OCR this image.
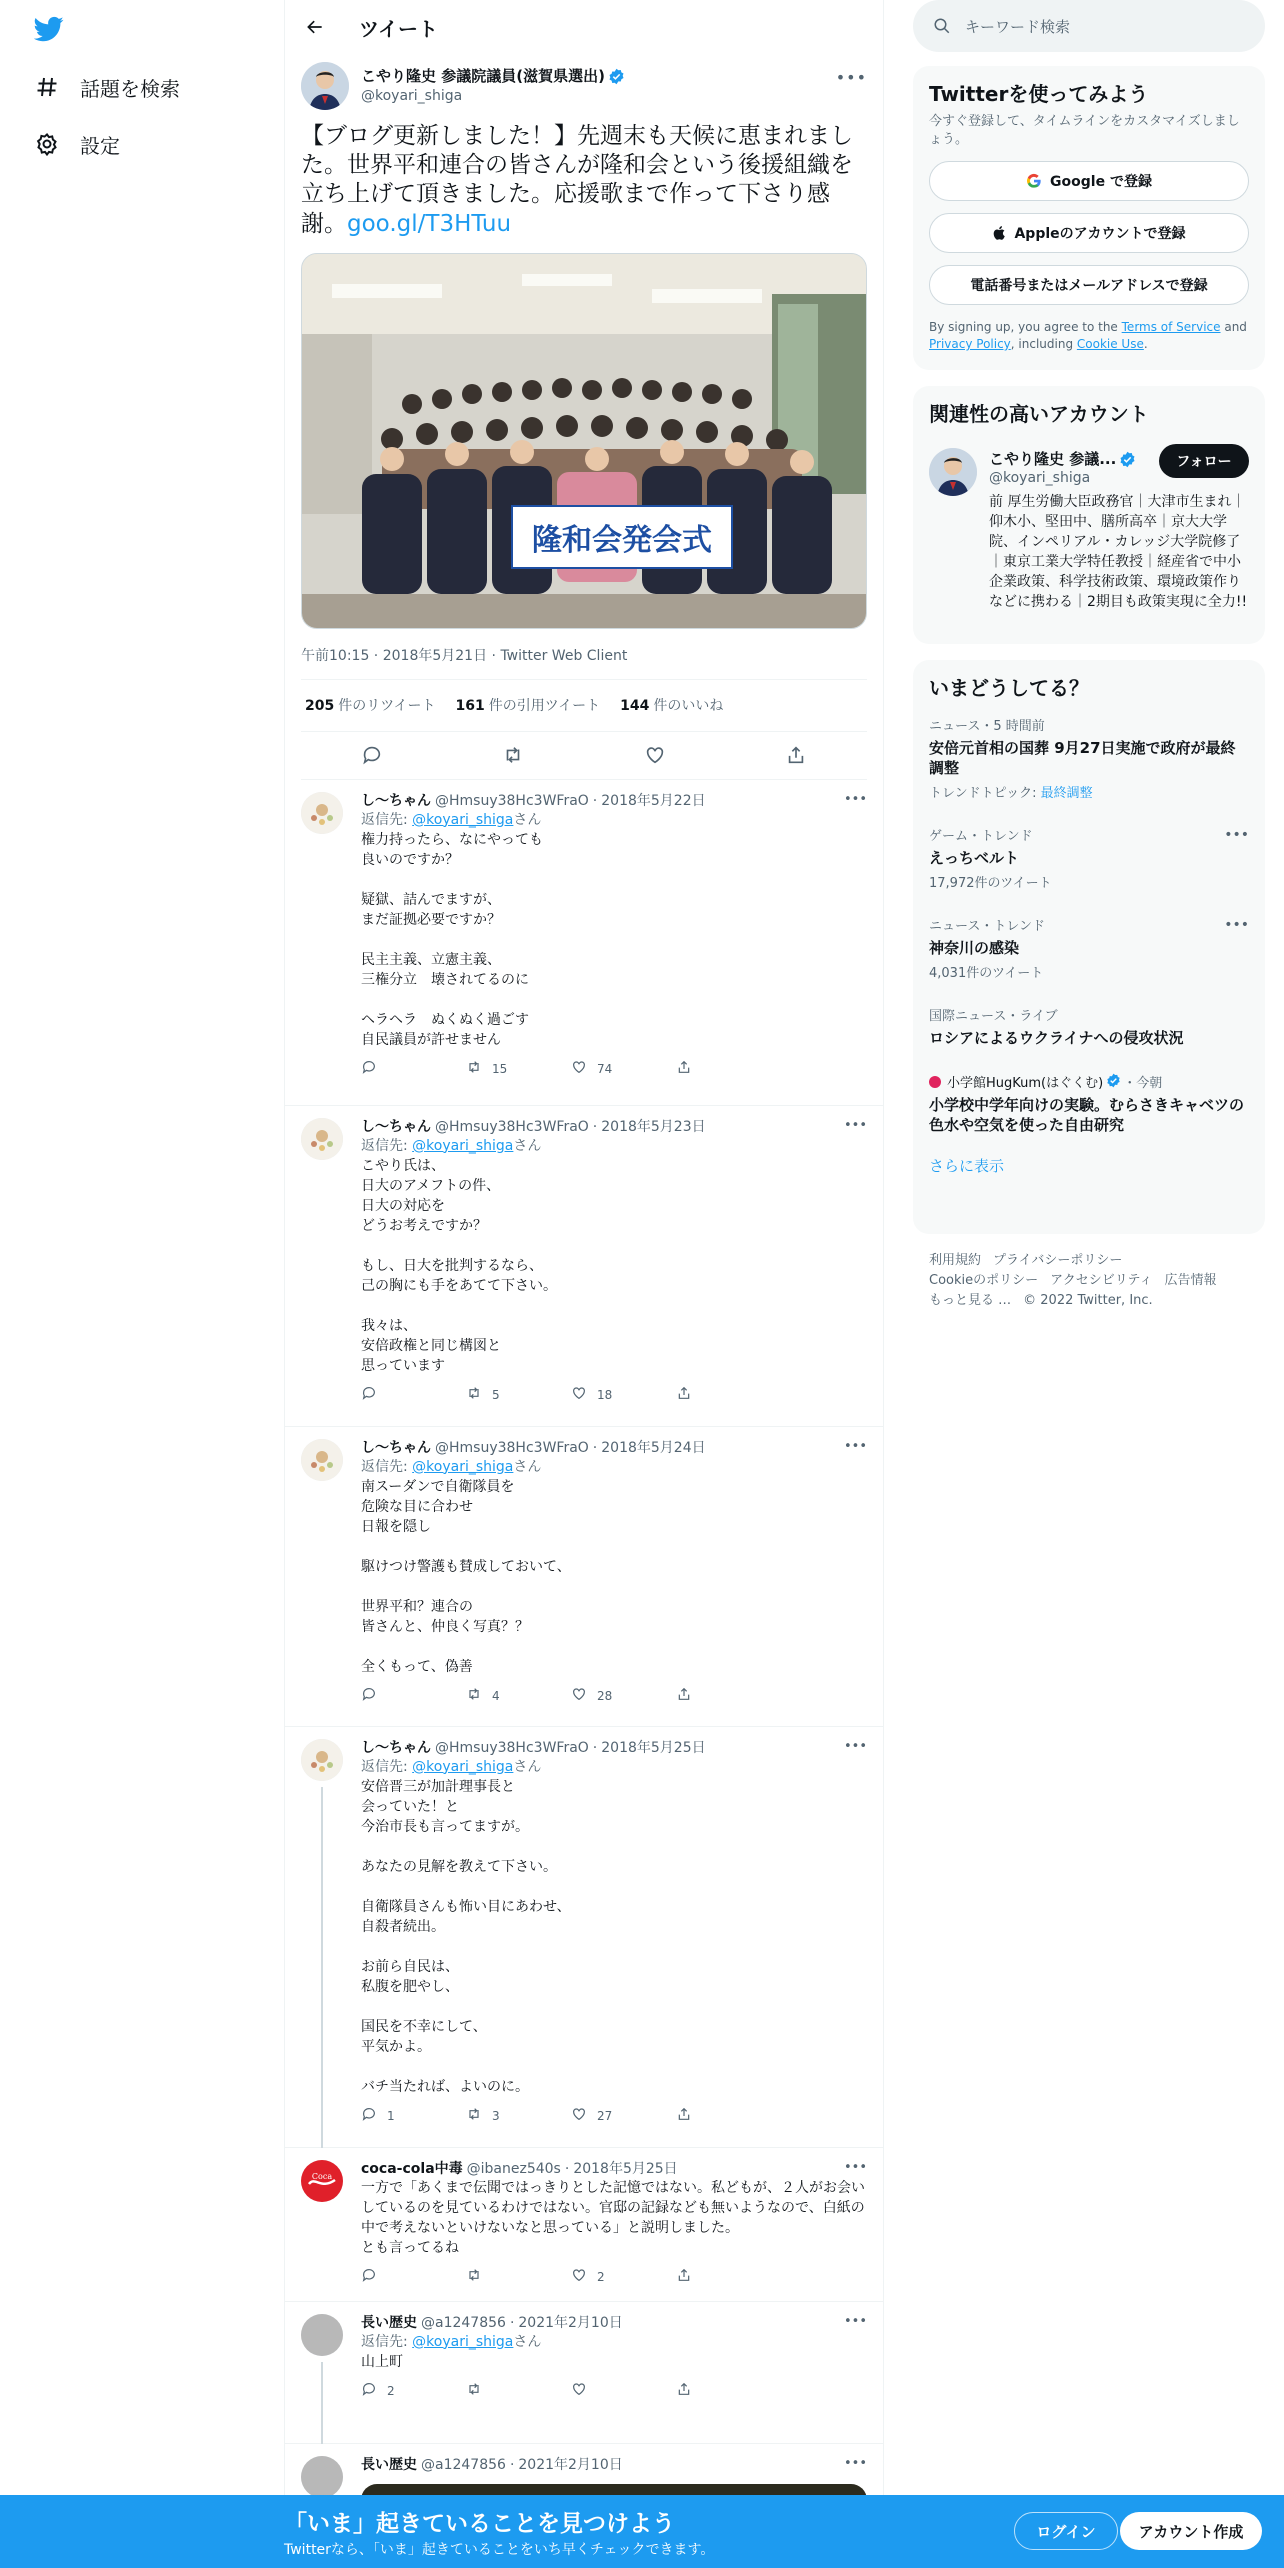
話題を検索
設定
ツイート
こやり隆史 参議院議員(滋賀県選出)
@koyari_shiga
•••
【ブログ更新しました！】先週末も天候に恵まれました。世界平和連合の皆さんが隆和会という後援組織を立ち上げて頂きました。応援歌まで作って下さり感謝。goo.gl/T3HTuu
隆和会発会式
午前10:15 · 2018年5月21日 · Twitter Web Client
205 件のリツイート 161 件の引用ツイート 144 件のいいね
し～ちゃん @Hmsuy38Hc3WFraO · 2018年5月22日	•••
返信先: @koyari_shigaさん
権力持ったら、なにやっても
良いのですか？

疑獄、詰んでますが、
まだ証拠必要ですか？

民主主義、立憲主義、
三権分立　壊されてるのに

ヘラヘラ　ぬくぬく過ごす
自民議員が許せません
15	74
し～ちゃん @Hmsuy38Hc3WFraO · 2018年5月23日	•••
返信先: @koyari_shigaさん
こやり氏は、
日大のアメフトの件、
日大の対応を
どうお考えですか？

もし、日大を批判するなら、
己の胸にも手をあてて下さい。

我々は、
安倍政権と同じ構図と
思っています
5	18
し～ちゃん @Hmsuy38Hc3WFraO · 2018年5月24日	•••
返信先: @koyari_shigaさん
南スーダンで自衛隊員を
危険な目に合わせ
日報を隠し

駆けつけ警護も賛成しておいて、

世界平和？連合の
皆さんと、仲良く写真？？

全くもって、偽善
4	28
し～ちゃん @Hmsuy38Hc3WFraO · 2018年5月25日	•••
返信先: @koyari_shigaさん
安倍晋三が加計理事長と
会っていた！と
今治市長も言ってますが。

あなたの見解を教えて下さい。

自衛隊員さんも怖い目にあわせ、
自殺者続出。

お前ら自民は、
私腹を肥やし、

国民を不幸にして、
平気かよ。

バチ当たれば、よいのに。
1	3	27
Coca coca-cola中毒 @ibanez540s · 2018年5月25日	•••
一方で「あくまで伝聞ではっきりとした記憶ではない。私どもが、２人がお会いしているのを見ているわけではない。官邸の記録なども無いようなので、白紙の中で考えないといけないなと思っている」と説明しました。
とも言ってるね
2
長い歴史 @a1247856 · 2021年2月10日	•••
返信先: @koyari_shigaさん
山上町
2
長い歴史 @a1247856 · 2021年2月10日	•••
キーワード検索
Twitterを使ってみよう
今すぐ登録して、タイムラインをカスタマイズしましょう。
Google で登録
Appleのアカウントで登録
電話番号またはメールアドレスで登録
By signing up, you agree to the Terms of Service and Privacy Policy, including Cookie Use.
関連性の高いアカウント
こやり隆史 参議...
@koyari_shiga
フォロー
前 厚生労働大臣政務官｜大津市生まれ｜仰木小、堅田中、膳所高卒｜京大大学院、インペリアル・カレッジ大学院修了｜東京工業大学特任教授｜経産省で中小企業政策、科学技術政策、環境政策作りなどに携わる｜2期目も政策実現に全力!!
いまどうしてる？
ニュース・5 時間前
安倍元首相の国葬 9月27日実施で政府が最終調整
トレンドトピック: 最終調整
ゲーム・トレンド
えっちベルト
17,972件のツイート
•••
ニュース・トレンド
神奈川の感染
4,031件のツイート
•••
国際ニュース・ライブ
ロシアによるウクライナへの侵攻状況
小学館HugKum(はぐくむ) ・今朝
小学校中学年向けの実験。むらさきキャベツの色水や空気を使った自由研究
さらに表示
利用規約 プライバシーポリシー
Cookieのポリシー アクセシビリティ 広告情報
もっと見る … © 2022 Twitter, Inc.
「いま」起きていることを見つけよう
Twitterなら、「いま」起きていることをいち早くチェックできます。
ログイン	アカウント作成
